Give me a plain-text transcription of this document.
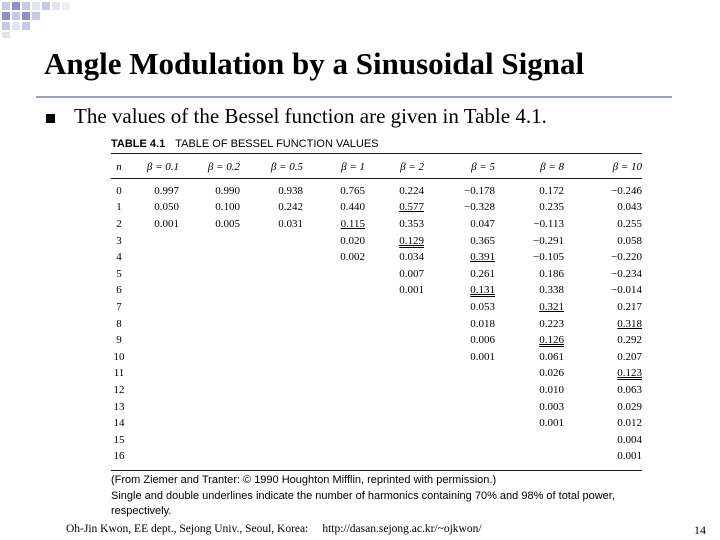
Angle Modulation by a Sinusoidal Signal
The values of the Bessel function are given in Table 4.1.
TABLE 4.1 TABLE OF BESSEL FUNCTION VALUES
n	β = 0.1	β = 0.2	β = 0.5	β = 1	β = 2	β = 5	β = 8	β = 10

0	0.997	0.990	0.938	0.765	0.224	−0.178	0.172	−0.246
1	0.050	0.100	0.242	0.440	0.577	−0.328	0.235	0.043
2	0.001	0.005	0.031	0.115	0.353	0.047	−0.113	0.255
3				0.020	0.129	0.365	−0.291	0.058
4				0.002	0.034	0.391	−0.105	−0.220
5					0.007	0.261	0.186	−0.234
6					0.001	0.131	0.338	−0.014
7						0.053	0.321	0.217
8						0.018	0.223	0.318
9						0.006	0.126	0.292
10						0.001	0.061	0.207
11							0.026	0.123
12							0.010	0.063
13							0.003	0.029
14							0.001	0.012
15								0.004
16								0.001
(From Ziemer and Tranter: © 1990 Houghton Mifflin, reprinted with permission.)
Single and double underlines indicate the number of harmonics containing 70% and 98% of total power,
respectively.
Oh-Jin Kwon, EE dept., Sejong Univ., Seoul, Korea: http://dasan.sejong.ac.kr/~ojkwon/	14
